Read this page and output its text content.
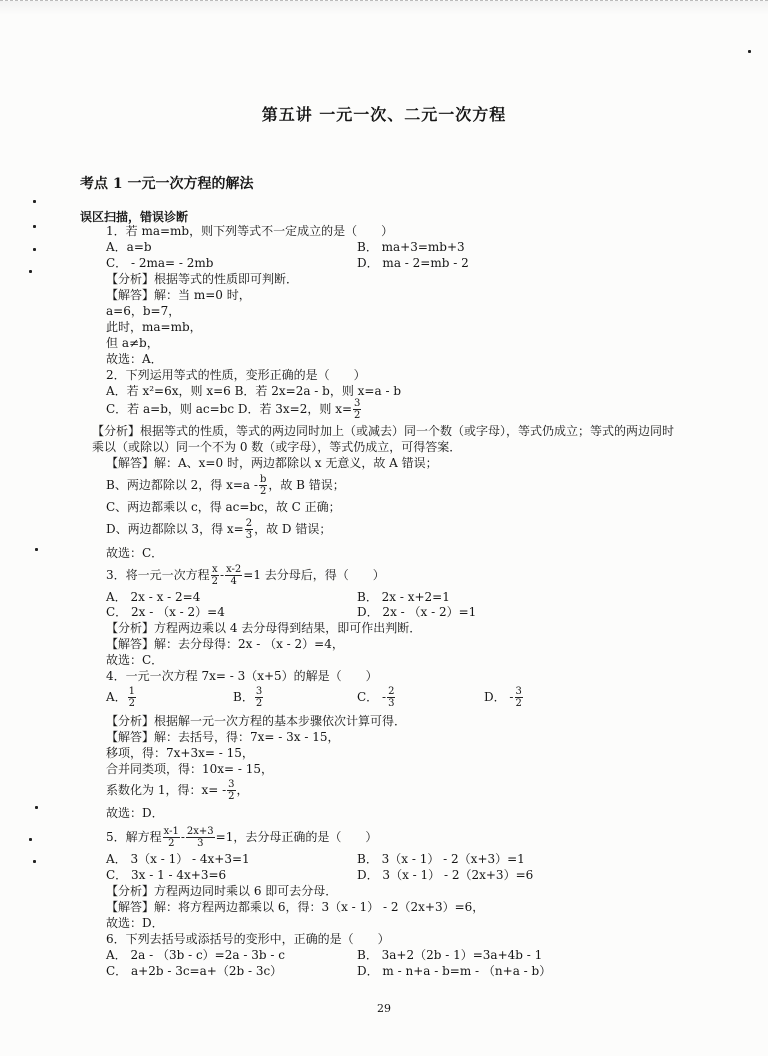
第五讲 一元一次、二元一次方程
考点 1 一元一次方程的解法
误区扫描，错误诊断
1．若 ma=mb，则下列等式不一定成立的是（　　）
A．a=b	B． ma+3=mb+3
C． - 2ma= - 2mb	D． ma - 2=mb - 2
【分析】根据等式的性质即可判断．
【解答】解：当 m=0 时，
a=6，b=7，
此时，ma=mb，
但 a≠b，
故选：A．
2．下列运用等式的性质，变形正确的是（　　）
A．若 x²=6x，则 x=6 B．若 2x=2a - b，则 x=a - b
C．若 a=b，则 ac=bc D．若 3x=2，则 $x= \frac{3}{2}$
【分析】根据等式的性质，等式的两边同时加上（或减去）同一个数（或字母），等式仍成立；等式的两边同时
乘以（或除以）同一个不为 0 数（或字母），等式仍成立，可得答案．
【解答】解：A、x=0 时，两边都除以 x 无意义，故 A 错误；
B、两边都除以 2，得 $x=a - \frac{b}{2}$ ，故 B 错误；
C、两边都乘以 c，得 ac=bc，故 C 正确；
D、两边都除以 3，得 $x= \frac{2}{3}$ ，故 D 错误；
故选：C．
3．将一元一次方程 $\frac{x}{2} - \frac{x-2}{4} =1$ 去分母后，得（　　）
A． 2x - x - 2=4	B． 2x - x+2=1
C． 2x - （x - 2）=4	D． 2x - （x - 2）=1
【分析】方程两边乘以 4 去分母得到结果，即可作出判断．
【解答】解：去分母得：2x - （x - 2）=4，
故选：C．
4．一元一次方程 7x= - 3（x+5）的解是（　　）
A． $\frac{1}{2}$	B． $\frac{3}{2}$	C． - $\frac{2}{3}$	D． - $\frac{3}{2}$
【分析】根据解一元一次方程的基本步骤依次计算可得．
【解答】解：去括号，得：7x= - 3x - 15，
移项，得：7x+3x= - 15，
合并同类项，得：10x= - 15，
系数化为 1，得：$x= - \frac{3}{2}$ ，
故选：D．
5．解方程 $\frac{x-1}{2} - \frac{2x+3}{3} =1$，去分母正确的是（　　）
A． 3（x - 1） - 4x+3=1	B． 3（x - 1） - 2（x+3）=1
C． 3x - 1 - 4x+3=6	D． 3（x - 1） - 2（2x+3）=6
【分析】方程两边同时乘以 6 即可去分母．
【解答】解：将方程两边都乘以 6，得：3（x - 1） - 2（2x+3）=6，
故选：D．
6．下列去括号或添括号的变形中，正确的是（　　）
A． 2a - （3b - c）=2a - 3b - c	B． 3a+2（2b - 1）=3a+4b - 1
C． a+2b - 3c=a+（2b - 3c）	D． m - n+a - b=m - （n+a - b）
29
